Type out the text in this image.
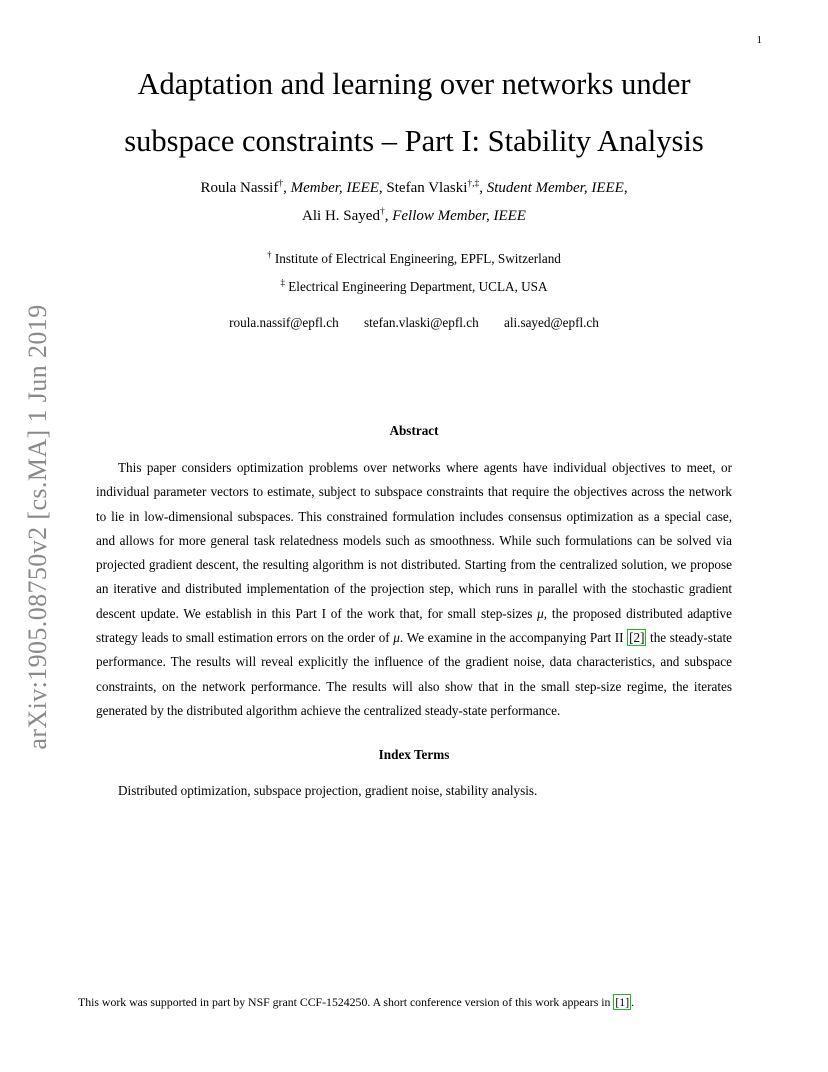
1
arXiv:1905.08750v2 [cs.MA] 1 Jun 2019
Adaptation and learning over networks under
subspace constraints – Part I: Stability Analysis
Roula Nassif†, Member, IEEE, Stefan Vlaski†,‡, Student Member, IEEE,
Ali H. Sayed†, Fellow Member, IEEE
† Institute of Electrical Engineering, EPFL, Switzerland
‡ Electrical Engineering Department, UCLA, USA
roula.nassif@epfl.ch stefan.vlaski@epfl.ch ali.sayed@epfl.ch
Abstract
This paper considers optimization problems over networks where agents have individual objectives to meet, or individual parameter vectors to estimate, subject to subspace constraints that require the objectives across the network to lie in low-dimensional subspaces. This constrained formulation includes consensus optimization as a special case, and allows for more general task relatedness models such as smoothness. While such formulations can be solved via projected gradient descent, the resulting algorithm is not distributed. Starting from the centralized solution, we propose an iterative and distributed implementation of the projection step, which runs in parallel with the stochastic gradient descent update. We establish in this Part I of the work that, for small step-sizes μ, the proposed distributed adaptive strategy leads to small estimation errors on the order of μ. We examine in the accompanying Part II [2] the steady-state performance. The results will reveal explicitly the influence of the gradient noise, data characteristics, and subspace constraints, on the network performance. The results will also show that in the small step-size regime, the iterates generated by the distributed algorithm achieve the centralized steady-state performance.
Index Terms
Distributed optimization, subspace projection, gradient noise, stability analysis.
This work was supported in part by NSF grant CCF-1524250. A short conference version of this work appears in [1] .
